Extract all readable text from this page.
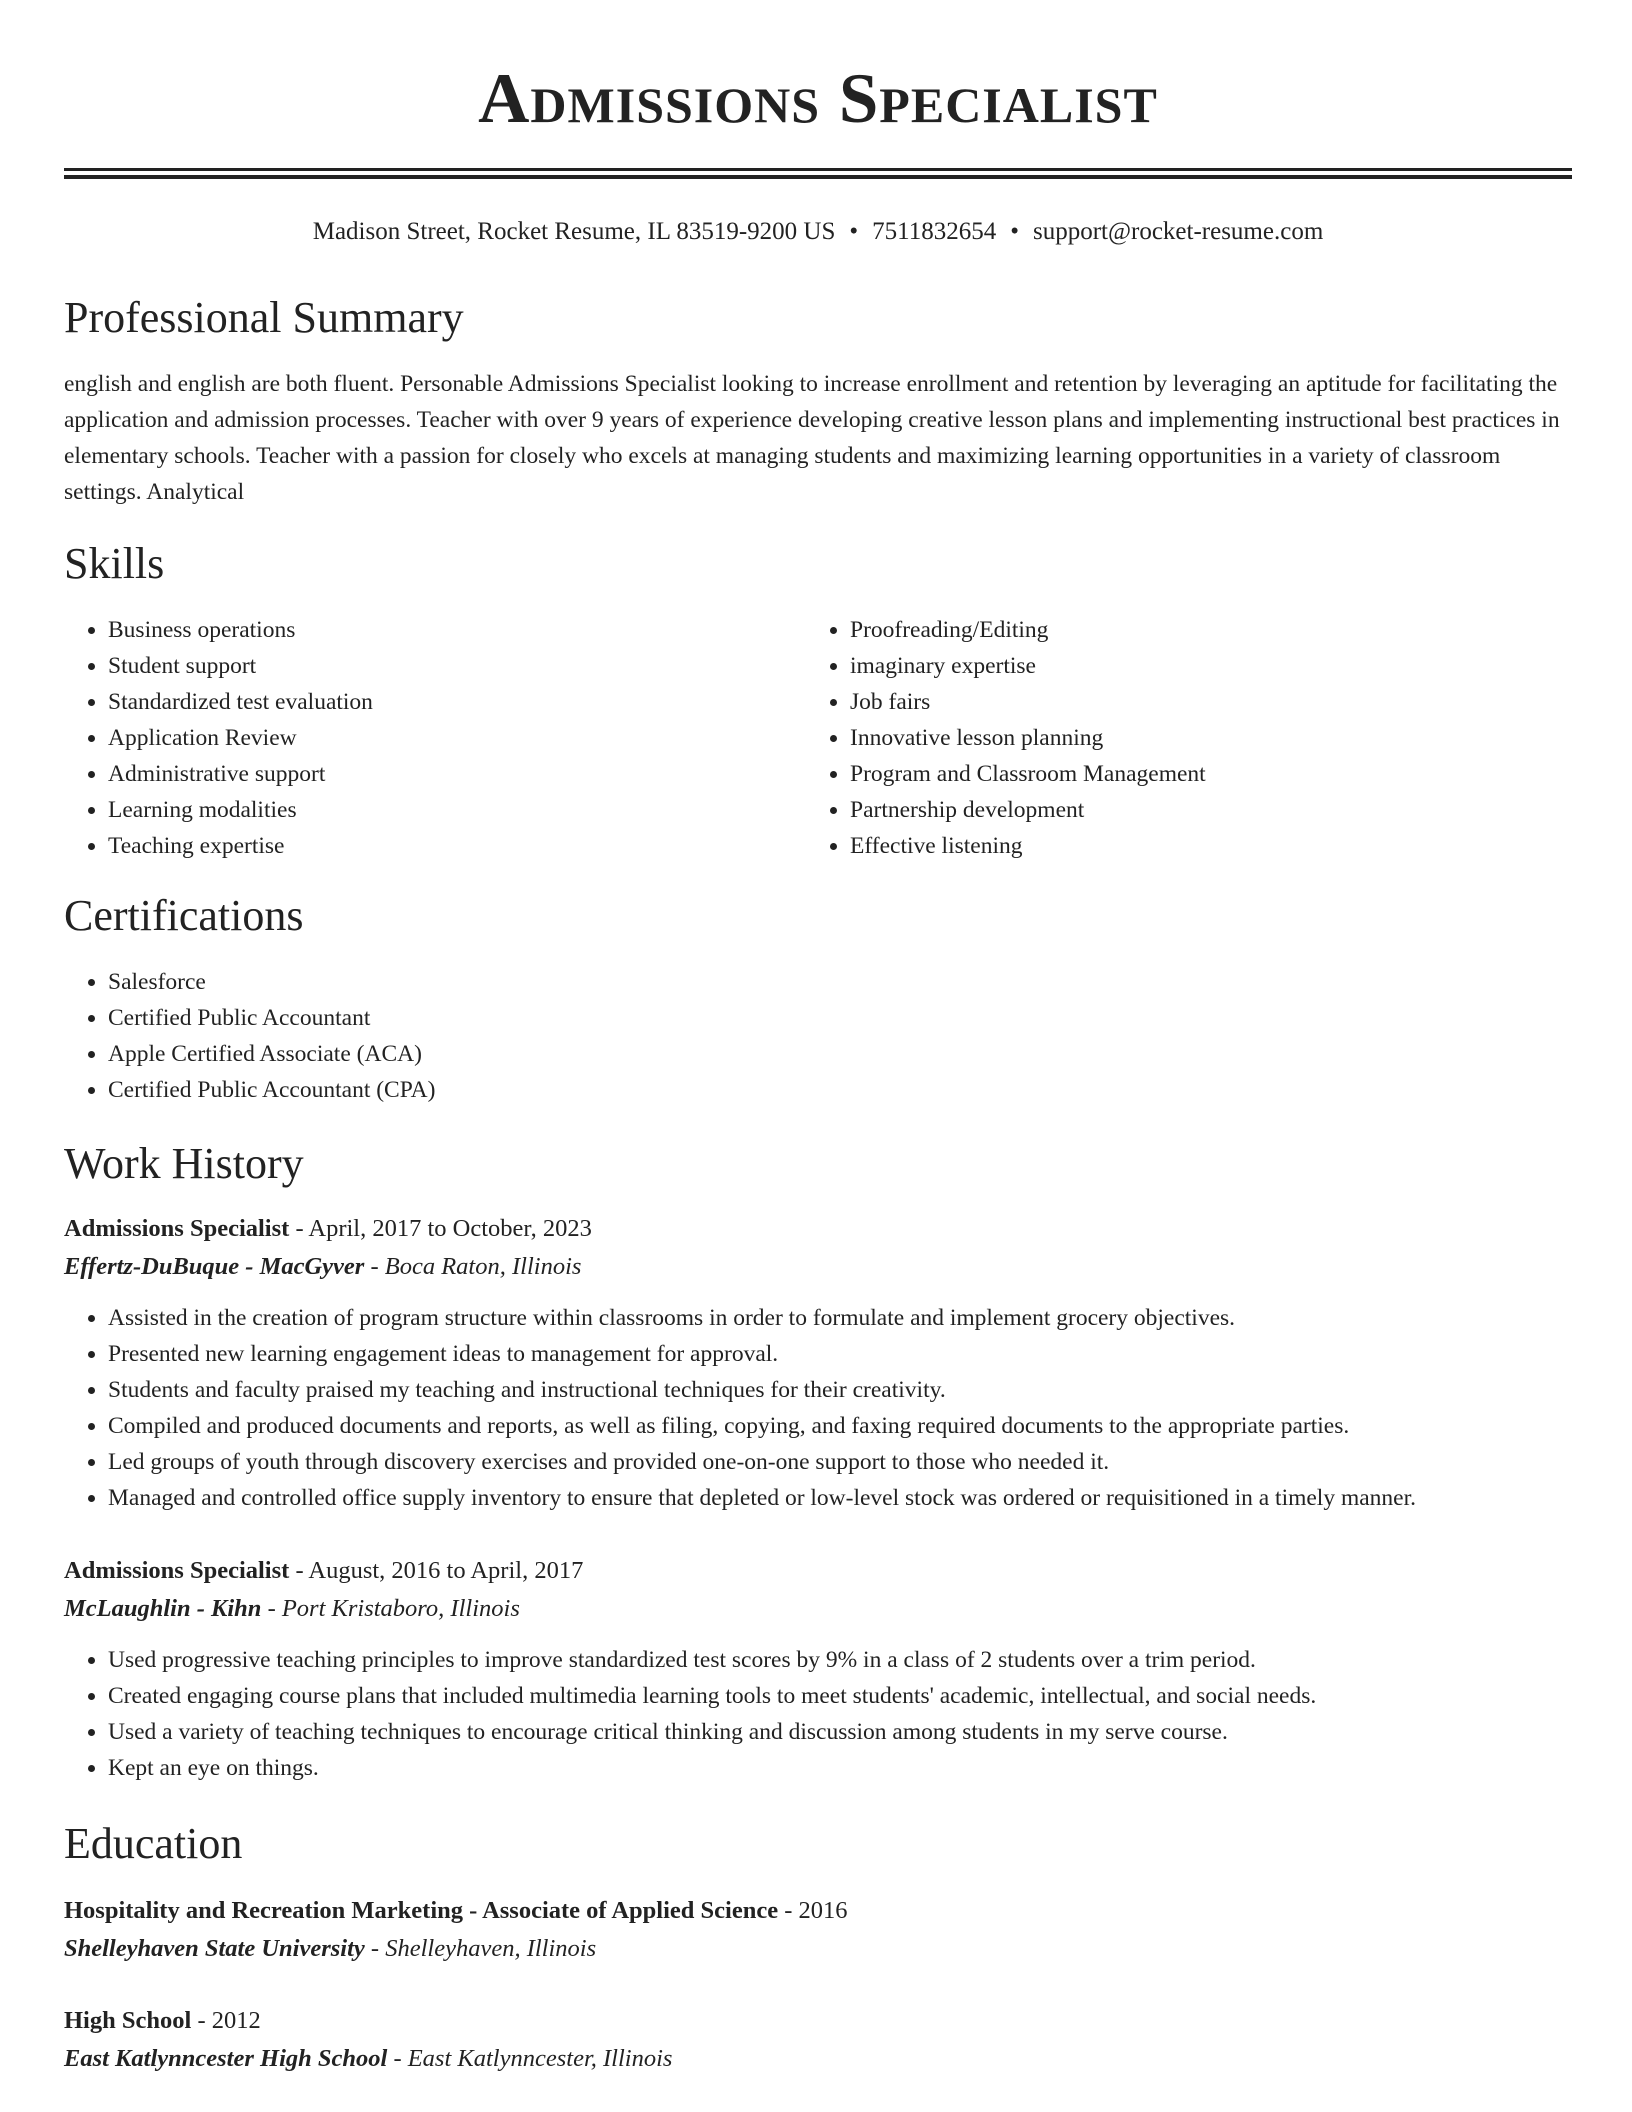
Admissions Specialist
Madison Street, Rocket Resume, IL 83519-9200 US • 7511832654 • support@rocket-resume.com
Professional Summary

english and english are both fluent. Personable Admissions Specialist looking to increase enrollment and retention by leveraging an aptitude for facilitating the application and admission processes. Teacher with over 9 years of experience developing creative lesson plans and implementing instructional best practices in elementary schools. Teacher with a passion for closely who excels at managing students and maximizing learning opportunities in a variety of classroom settings. Analytical

Skills
• Business operations
• Student support
• Standardized test evaluation
• Application Review
• Administrative support
• Learning modalities
• Teaching expertise
• Proofreading/Editing
• imaginary expertise
• Job fairs
• Innovative lesson planning
• Program and Classroom Management
• Partnership development
• Effective listening
Certifications
• Salesforce
• Certified Public Accountant
• Apple Certified Associate (ACA)
• Certified Public Accountant (CPA)
Work History
Admissions Specialist - April, 2017 to October, 2023
Effertz-DuBuque - MacGyver - Boca Raton, Illinois
• Assisted in the creation of program structure within classrooms in order to formulate and implement grocery objectives.
• Presented new learning engagement ideas to management for approval.
• Students and faculty praised my teaching and instructional techniques for their creativity.
• Compiled and produced documents and reports, as well as filing, copying, and faxing required documents to the appropriate parties.
• Led groups of youth through discovery exercises and provided one-on-one support to those who needed it.
• Managed and controlled office supply inventory to ensure that depleted or low-level stock was ordered or requisitioned in a timely manner.
Admissions Specialist - August, 2016 to April, 2017
McLaughlin - Kihn - Port Kristaboro, Illinois
• Used progressive teaching principles to improve standardized test scores by 9% in a class of 2 students over a trim period.
• Created engaging course plans that included multimedia learning tools to meet students' academic, intellectual, and social needs.
• Used a variety of teaching techniques to encourage critical thinking and discussion among students in my serve course.
• Kept an eye on things.
Education
Hospitality and Recreation Marketing - Associate of Applied Science - 2016
Shelleyhaven State University - Shelleyhaven, Illinois
High School - 2012
East Katlynncester High School - East Katlynncester, Illinois
